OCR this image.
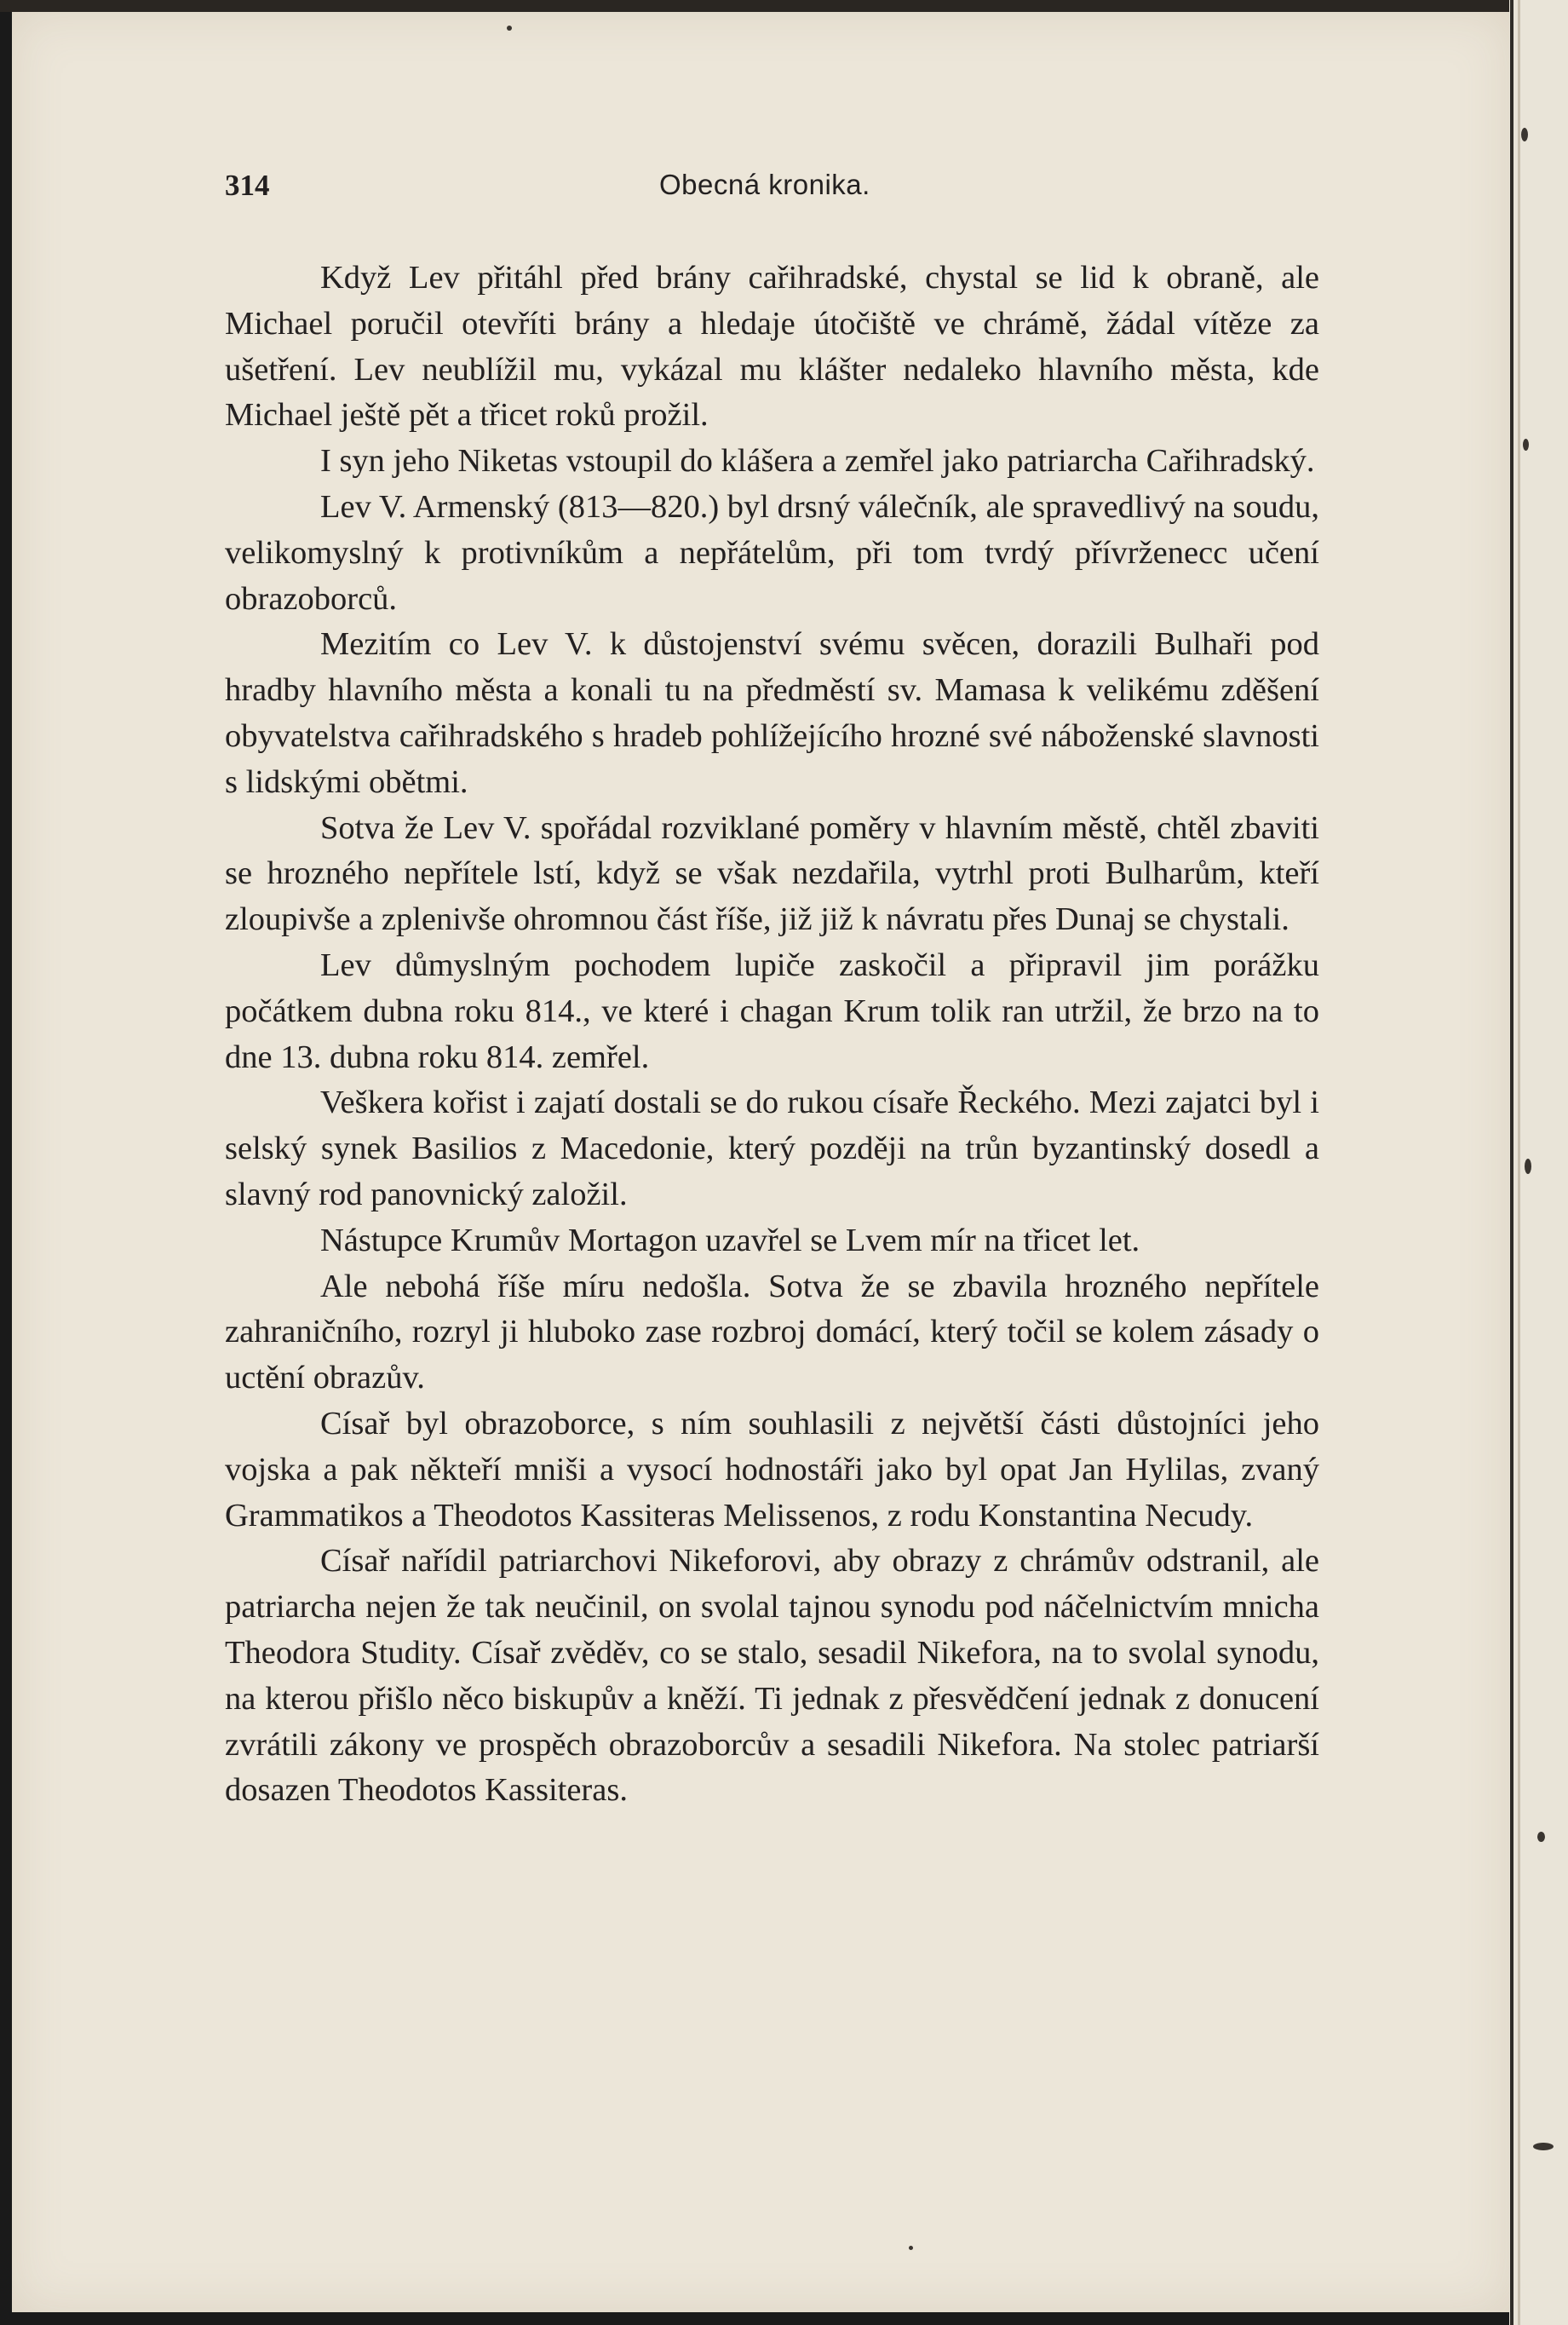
314	Obecná kronika.

Když Lev přitáhl před brány cařihradské, chystal se lid k obraně, ale Michael poručil otevříti brány a hledaje útočiště ve chrámě, žádal vítěze za ušetření. Lev neublížil mu, vykázal mu klášter nedaleko hlavního města, kde Michael ještě pět a třicet roků prožil.

I syn jeho Niketas vstoupil do klášera a zemřel jako patriarcha Cařihradský.

Lev V. Armenský (813—820.) byl drsný válečník, ale spravedlivý na soudu, velikomyslný k protivníkům a nepřátelům, při tom tvrdý přívrženecc učení obrazoborců.

Mezitím co Lev V. k důstojenství svému svěcen, dorazili Bulhaři pod hradby hlavního města a konali tu na předměstí sv. Mamasa k velikému zděšení obyvatelstva cařihradského s hradeb pohlížejícího hrozné své náboženské slavnosti s lidskými obětmi.

Sotva že Lev V. spořádal rozviklané poměry v hlavním městě, chtěl zbaviti se hrozného nepřítele lstí, když se však nezdařila, vytrhl proti Bulharům, kteří zloupivše a zplenivše ohromnou část říše, již již k návratu přes Dunaj se chystali.

Lev důmyslným pochodem lupiče zaskočil a připravil jim porážku počátkem dubna roku 814., ve které i chagan Krum tolik ran utržil, že brzo na to dne 13. dubna roku 814. zemřel.

Veškera kořist i zajatí dostali se do rukou císaře Řeckého. Mezi zajatci byl i selský synek Basilios z Macedonie, který později na trůn byzantinský dosedl a slavný rod panovnický založil.

Nástupce Krumův Mortagon uzavřel se Lvem mír na třicet let.

Ale nebohá říše míru nedošla. Sotva že se zbavila hrozného nepřítele zahraničního, rozryl ji hluboko zase rozbroj domácí, který točil se kolem zásady o uctění obrazův.

Císař byl obrazoborce, s ním souhlasili z největší části důstojníci jeho vojska a pak někteří mniši a vysocí hodnostáři jako byl opat Jan Hylilas, zvaný Grammatikos a Theodotos Kassiteras Melissenos, z rodu Konstantina Necudy.

Císař nařídil patriarchovi Nikeforovi, aby obrazy z chrámův odstranil, ale patriarcha nejen že tak neučinil, on svolal tajnou synodu pod náčelnictvím mnicha Theodora Studity. Císař zvěděv, co se stalo, sesadil Nikefora, na to svolal synodu, na kterou přišlo něco biskupův a kněží. Ti jednak z přesvědčení jednak z donucení zvrátili zákony ve prospěch obrazoborcův a sesadili Nikefora. Na stolec patriarší dosazen Theodotos Kassiteras.
